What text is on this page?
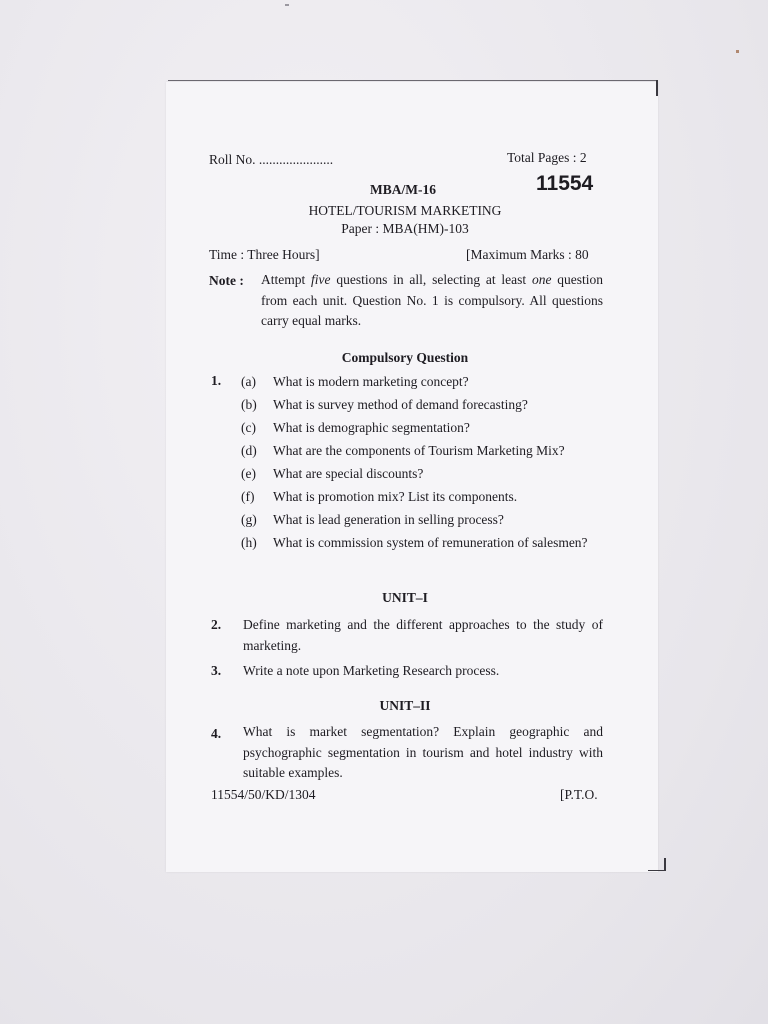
Roll No. ......................	Total Pages : 2
MBA/M-16	11554
HOTEL/TOURISM MARKETING
Paper : MBA(HM)-103
Time : Three Hours]	[Maximum Marks : 80
Note : Attempt five questions in all, selecting at least one question from each unit. Question No. 1 is compulsory. All questions carry equal marks.
Compulsory Question
1. (a)	What is modern marketing concept?
(b)	What is survey method of demand forecasting?
(c)	What is demographic segmentation?
(d)	What are the components of Tourism Marketing Mix?
(e)	What are special discounts?
(f)	What is promotion mix? List its components.
(g)	What is lead generation in selling process?
(h)	What is commission system of remuneration of salesmen?
UNIT–I
2. Define marketing and the different approaches to the study of marketing.
3. Write a note upon Marketing Research process.
UNIT–II
4. What is market segmentation? Explain geographic and psychographic segmentation in tourism and hotel industry with suitable examples.
11554/50/KD/1304	[P.T.O.
